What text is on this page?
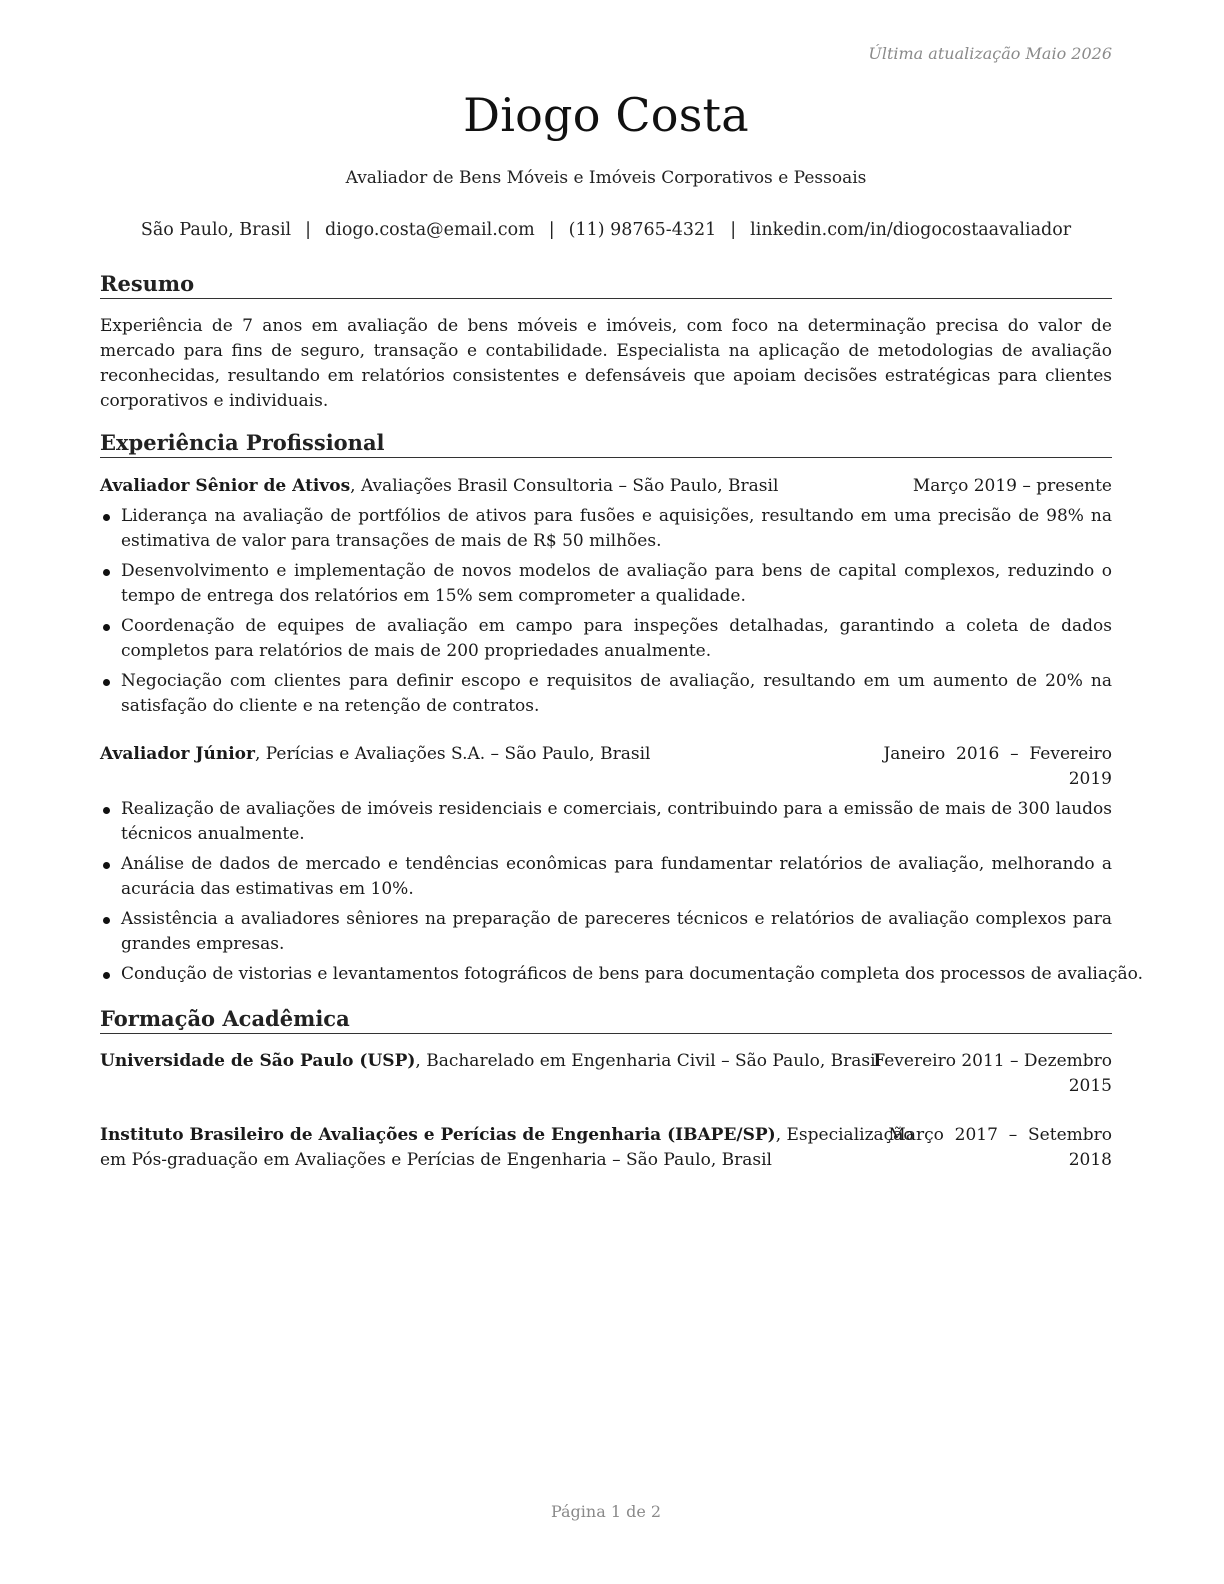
Última atualização Maio 2026
Diogo Costa
Avaliador de Bens Móveis e Imóveis Corporativos e Pessoais
São Paulo, Brasil | diogo.costa@email.com | (11) 98765-4321 | linkedin.com/in/diogocostaavaliador
Resumo

Experiência de 7 anos em avaliação de bens móveis e imóveis, com foco na determinação precisa do valor de mercado para fins de seguro, transação e contabilidade. Especialista na aplicação de metodologias de avaliação reconhecidas, resultando em relatórios consistentes e defensáveis que apoiam decisões estratégicas para clientes corporativos e individuais.

Experiência Profissional
Avaliador Sênior de Ativos, Avaliações Brasil Consultoria – São Paulo, Brasil	Março 2019 – presente
Liderança na avaliação de portfólios de ativos para fusões e aquisições, resultando em uma precisão de 98% na estimativa de valor para transações de mais de R$ 50 milhões.
Desenvolvimento e implementação de novos modelos de avaliação para bens de capital complexos, reduzindo o tempo de entrega dos relatórios em 15% sem comprometer a qualidade.
Coordenação de equipes de avaliação em campo para inspeções detalhadas, garantindo a coleta de dados completos para relatórios de mais de 200 propriedades anualmente.
Negociação com clientes para definir escopo e requisitos de avaliação, resultando em um aumento de 20% na satisfação do cliente e na retenção de contratos.
Avaliador Júnior, Perícias e Avaliações S.A. – São Paulo, Brasil	Janeiro  2016  –  Fevereiro
2019
Realização de avaliações de imóveis residenciais e comerciais, contribuindo para a emissão de mais de 300 laudos técnicos anualmente.
Análise de dados de mercado e tendências econômicas para fundamentar relatórios de avaliação, melhorando a acurácia das estimativas em 10%.
Assistência a avaliadores sêniores na preparação de pareceres técnicos e relatórios de avaliação complexos para grandes empresas.
Condução de vistorias e levantamentos fotográficos de bens para documentação completa dos processos de avaliação.
Formação Acadêmica
Universidade de São Paulo (USP), Bacharelado em Engenharia Civil – São Paulo, Brasil
Fevereiro 2011 – Dezembro
2015
Instituto Brasileiro de Avaliações e Perícias de Engenharia (IBAPE/SP), Especialização
em Pós-graduação em Avaliações e Perícias de Engenharia – São Paulo, Brasil
Março  2017  –  Setembro
2018
Página 1 de 2
